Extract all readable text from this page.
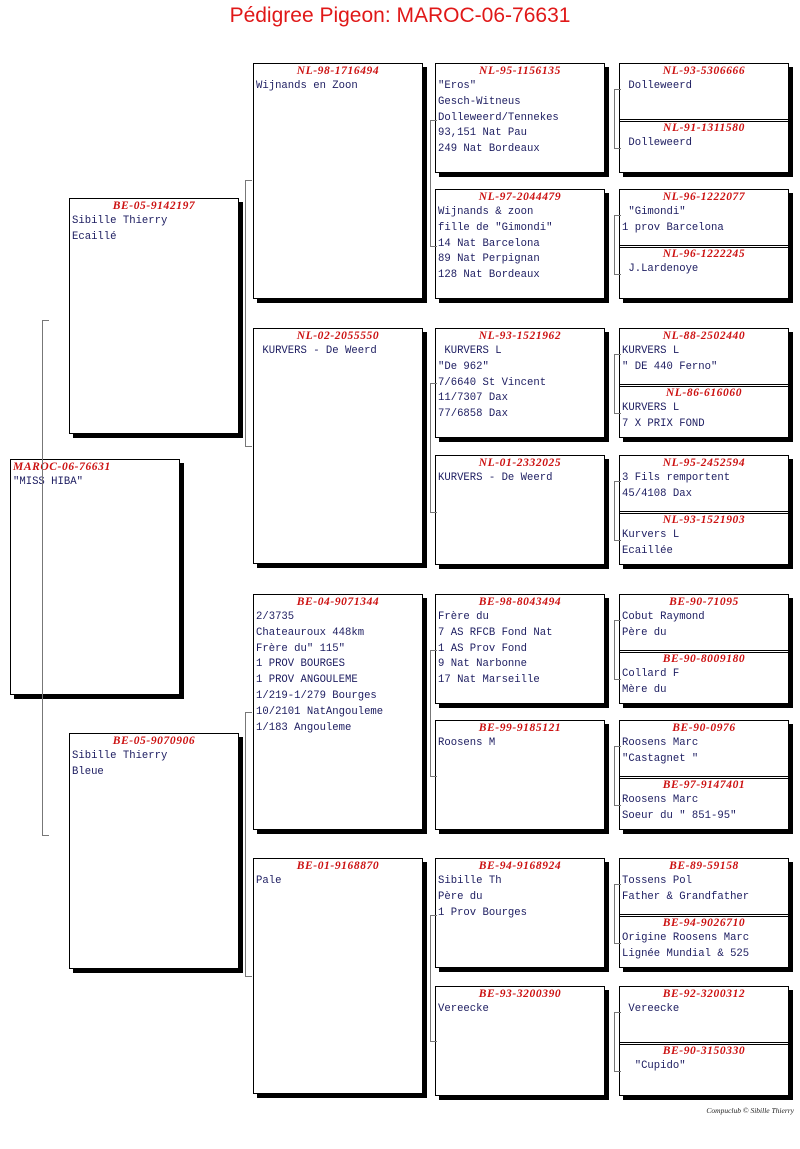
Pédigree Pigeon: MAROC-06-76631
MAROC-06-76631
"MISS HIBA"
BE-05-9142197
Sibille Thierry
Ecaillé
BE-05-9070906
Sibille Thierry
Bleue
NL-98-1716494
Wijnands en Zoon
NL-02-2055550
KURVERS - De Weerd
BE-04-9071344
2/3735
Chateauroux 448km
Frère du" 115"
1 PROV BOURGES
1 PROV ANGOULEME
1/219-1/279 Bourges
10/2101 NatAngouleme
1/183 Angouleme
BE-01-9168870
Pale
NL-95-1156135
"Eros"
Gesch-Witneus
Dolleweerd/Tennekes
93,151 Nat Pau
249 Nat Bordeaux
NL-97-2044479
Wijnands & zoon
fille de "Gimondi"
14 Nat Barcelona
89 Nat Perpignan
128 Nat Bordeaux
NL-93-1521962
KURVERS L
"De 962"
7/6640 St Vincent
11/7307 Dax
77/6858 Dax
NL-01-2332025
KURVERS - De Weerd
BE-98-8043494
Frère du
7 AS RFCB Fond Nat
1 AS Prov Fond
9 Nat Narbonne
17 Nat Marseille
BE-99-9185121
Roosens M
BE-94-9168924
Sibille Th
Père du
1 Prov Bourges
BE-93-3200390
Vereecke
NL-93-5306666
Dolleweerd
NL-91-1311580
Dolleweerd
NL-96-1222077
"Gimondi"
1 prov Barcelona
NL-96-1222245
J.Lardenoye
NL-88-2502440
KURVERS L
" DE 440 Ferno"
NL-86-616060
KURVERS L
7 X PRIX FOND
NL-95-2452594
3 Fils remportent
45/4108 Dax
NL-93-1521903
Kurvers L
Ecaillée
BE-90-71095
Cobut Raymond
Père du
BE-90-8009180
Collard F
Mère du
BE-90-0976
Roosens Marc
"Castagnet "
BE-97-9147401
Roosens Marc
Soeur du " 851-95"
BE-89-59158
Tossens Pol
Father & Grandfather
BE-94-9026710
Origine Roosens Marc
Lignée Mundial & 525
BE-92-3200312
Vereecke
BE-90-3150330
"Cupido"
Compuclub © Sibille Thierry
